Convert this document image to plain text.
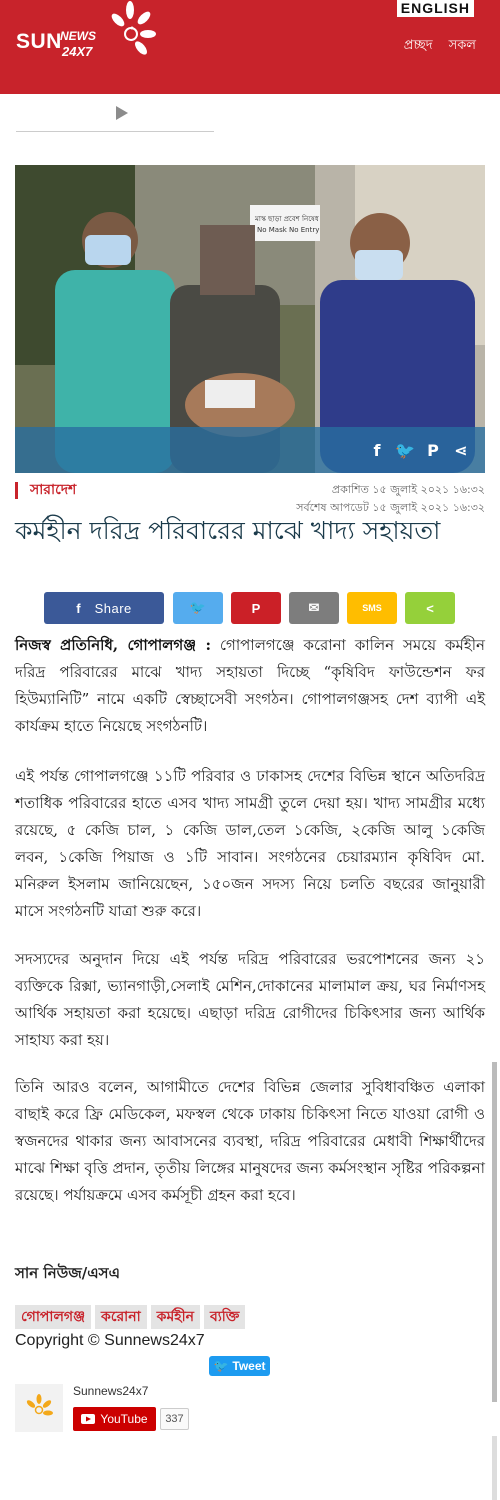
SUN
NEWS
24X7
ENGLISH
প্রচ্ছদ সকল
মাস্ক ছাড়া প্রবেশ নিষেধ
No Mask No Entry
f 🐦 P ⋖
সারাদেশ	প্রকাশিত ১৫ জুলাই ২০২১ ১৬:৩২
সর্বশেষ আপডেট ১৫ জুলাই ২০২১ ১৬:৩২
কর্মহীন দরিদ্র পরিবারের মাঝে খাদ্য সহায়তা
f Share	🐦	P	✉	SMS	<

নিজস্ব প্রতিনিধি, গোপালগঞ্জ : গোপালগঞ্জে করোনা কালিন সময়ে কর্মহীন দরিদ্র পরিবারের মাঝে খাদ্য সহায়তা দিচ্ছে “কৃষিবিদ ফাউন্ডেশন ফর হিউম্যানিটি” নামে একটি স্বেচ্ছাসেবী সংগঠন। গোপালগঞ্জসহ দেশ ব্যাপী এই কার্যক্রম হাতে নিয়েছে সংগঠনটি।

এই পর্যন্ত গোপালগঞ্জে ১১টি পরিবার ও ঢাকাসহ দেশের বিভিন্ন স্থানে অতিদরিদ্র শতাধিক পরিবারের হাতে এসব খাদ্য সামগ্রী তুলে দেয়া হয়। খাদ্য সামগ্রীর মধ্যে রয়েছে, ৫ কেজি চাল, ১ কেজি ডাল,তেল ১কেজি, ২কেজি আলু ১কেজি লবন, ১কেজি পিয়াজ ও ১টি সাবান। সংগঠনের চেয়ারম্যান কৃষিবিদ মো. মনিরুল ইসলাম জানিয়েছেন, ১৫০জন সদস্য নিয়ে চলতি বছরের জানুয়ারী মাসে সংগঠনটি যাত্রা শুরু করে।

সদস্যদের অনুদান দিয়ে এই পর্যন্ত দরিদ্র পরিবারের ভরপোশনের জন্য ২১ ব্যক্তিকে রিক্সা, ভ্যানগাড়ী,সেলাই মেশিন,দোকানের মালামাল ক্রয়, ঘর নির্মাণসহ আর্থিক সহায়তা করা হয়েছে। এছাড়া দরিদ্র রোগীদের চিকিৎসার জন্য আর্থিক সাহায্য করা হয়।

তিনি আরও বলেন, আগামীতে দেশের বিভিন্ন জেলার সুবিধাবঞ্চিত এলাকা বাছাই করে ফ্রি মেডিকেল, মফস্বল থেকে ঢাকায় চিকিৎসা নিতে যাওয়া রোগী ও স্বজনদের থাকার জন্য আবাসনের ব্যবস্থা, দরিদ্র পরিবারের মেধাবী শিক্ষার্থীদের মাঝে শিক্ষা বৃত্তি প্রদান, তৃতীয় লিঙ্গের মানুষদের জন্য কর্মসংস্থান সৃষ্টির পরিকল্পনা রয়েছে। পর্যায়ক্রমে এসব কর্মসূচী গ্রহন করা হবে।

সান নিউজ/এসএ
গোপালগঞ্জ	করোনা	কর্মহীন	ব্যক্তি
Copyright © Sunnews24x7
🐦 Tweet
Sunnews24x7
YouTube	337
